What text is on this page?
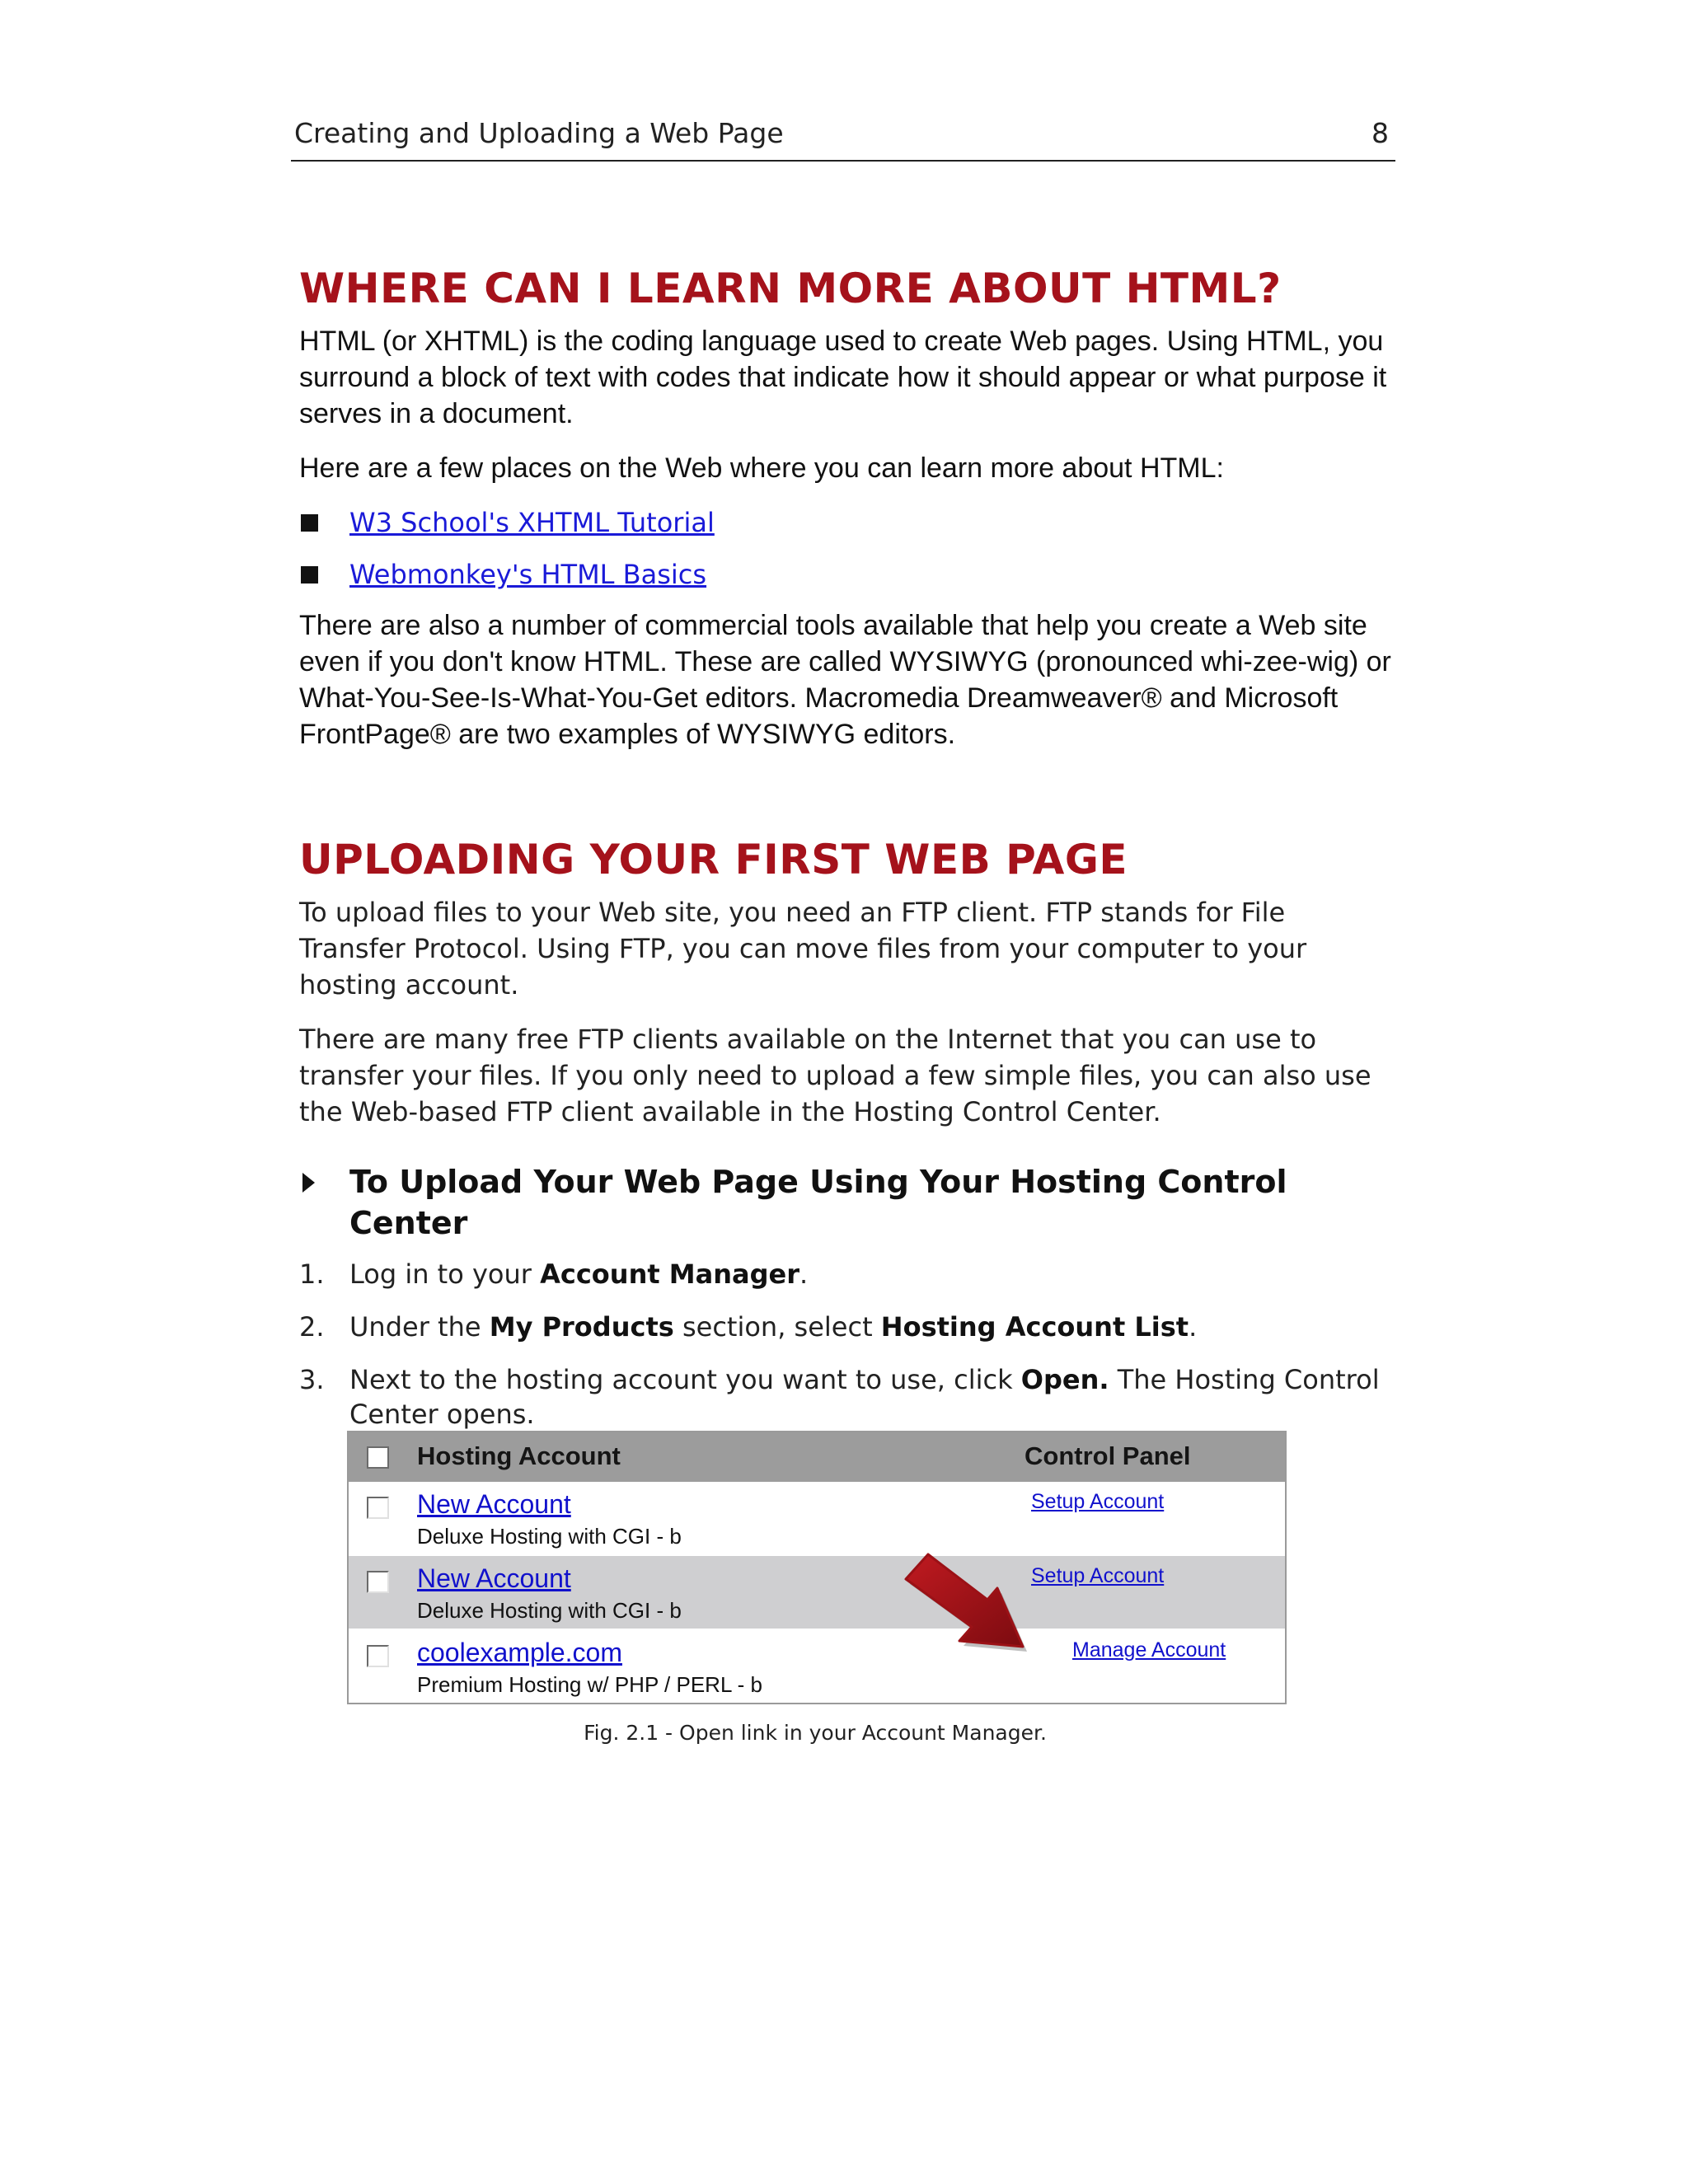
Creating and Uploading a Web Page	8
WHERE CAN I LEARN MORE ABOUT HTML?

HTML (or XHTML) is the coding language used to create Web pages. Using HTML, you surround a block of text with codes that indicate how it should appear or what purpose it serves in a document.

Here are a few places on the Web where you can learn more about HTML:

W3 School's XHTML Tutorial
Webmonkey's HTML Basics

There are also a number of commercial tools available that help you create a Web site even if you don't know HTML. These are called WYSIWYG (pronounced whi-zee-wig) or What-You-See-Is-What-You-Get editors. Macromedia Dreamweaver® and Microsoft FrontPage® are two examples of WYSIWYG editors.

UPLOADING YOUR FIRST WEB PAGE

To upload files to your Web site, you need an FTP client. FTP stands for File Transfer Protocol. Using FTP, you can move files from your computer to your hosting account.

There are many free FTP clients available on the Internet that you can use to transfer your files. If you only need to upload a few simple files, you can also use the Web-based FTP client available in the Hosting Control Center.

To Upload Your Web Page Using Your Hosting Control Center
1. Log in to your Account Manager.
2. Under the My Products section, select Hosting Account List.
3. Next to the hosting account you want to use, click Open. The Hosting Control Center opens.
Hosting Account	Control Panel
New Account
Deluxe Hosting with CGI - b
Setup Account
New Account
Deluxe Hosting with CGI - b
Setup Account
coolexample.com
Premium Hosting w/ PHP / PERL - b
Manage Account
Fig. 2.1 - Open link in your Account Manager.
